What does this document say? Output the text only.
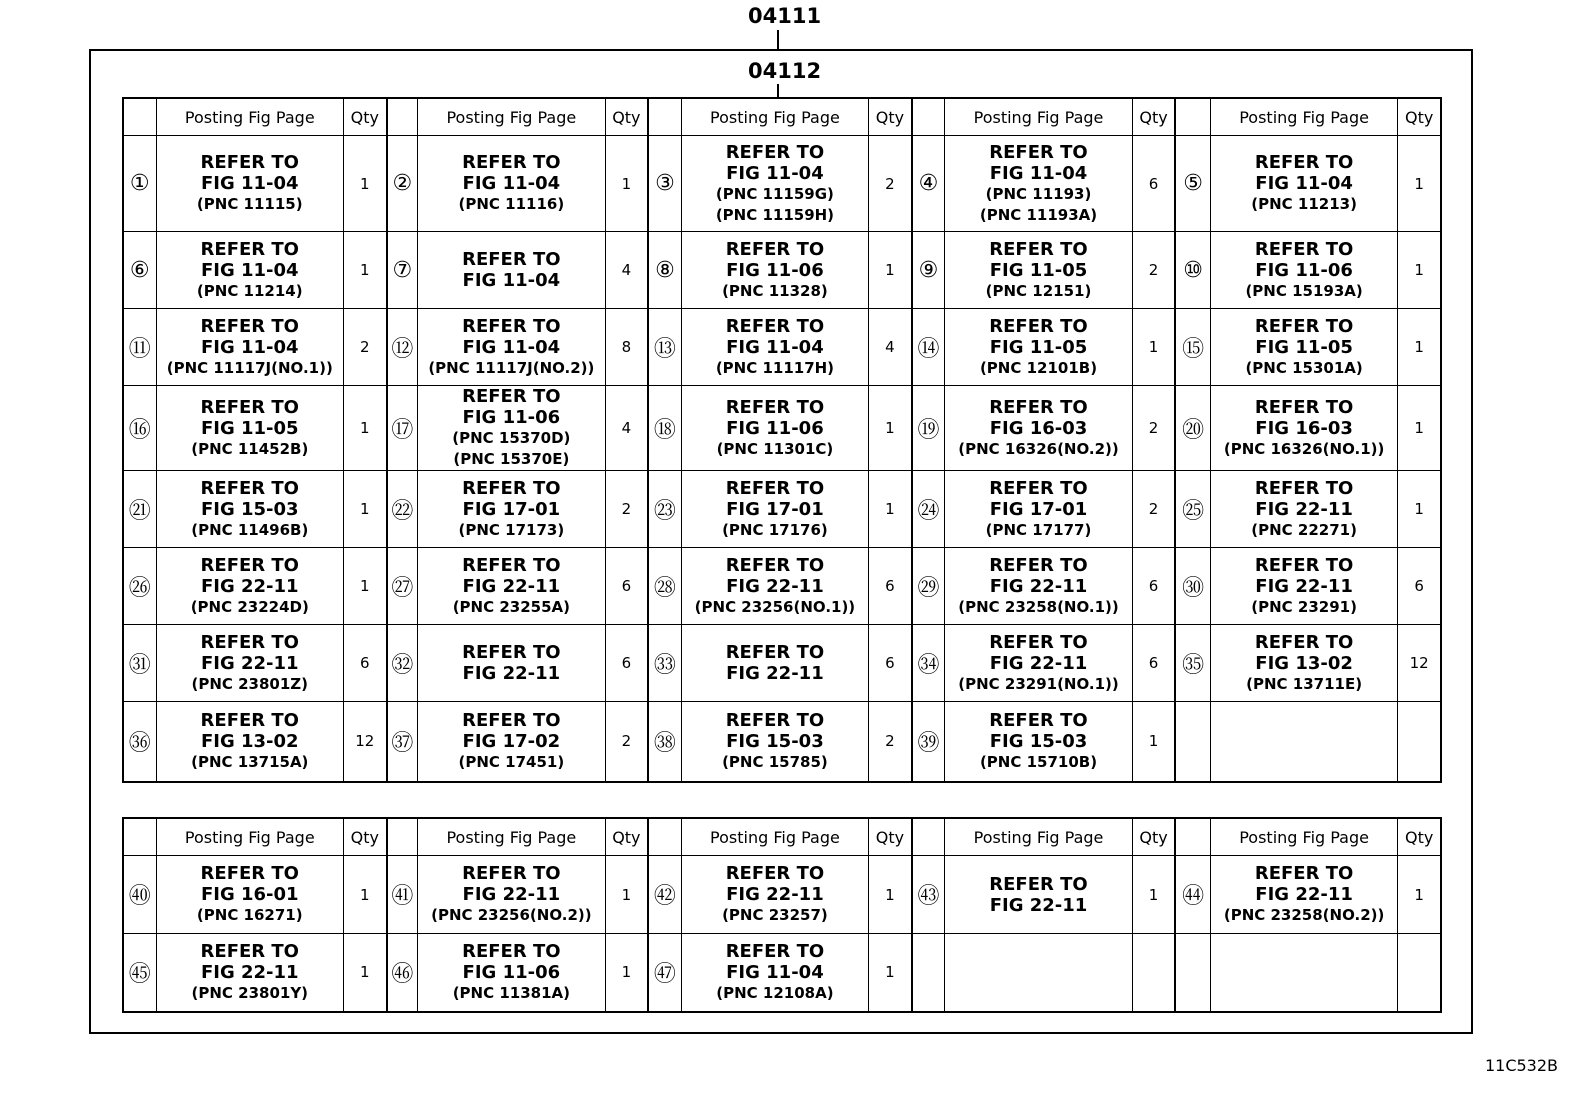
04111
04112
	Posting Fig Page	Qty		Posting Fig Page	Qty		Posting Fig Page	Qty		Posting Fig Page	Qty		Posting Fig Page	Qty
①	REFER TO
FIG 11-04
(PNC 11115)	1	②	REFER TO
FIG 11-04
(PNC 11116)	1	③	REFER TO
FIG 11-04
(PNC 11159G)
(PNC 11159H)	2	④	REFER TO
FIG 11-04
(PNC 11193)
(PNC 11193A)	6	⑤	REFER TO
FIG 11-04
(PNC 11213)	1
⑥	REFER TO
FIG 11-04
(PNC 11214)	1	⑦	REFER TO
FIG 11-04	4	⑧	REFER TO
FIG 11-06
(PNC 11328)	1	⑨	REFER TO
FIG 11-05
(PNC 12151)	2	⑩	REFER TO
FIG 11-06
(PNC 15193A)	1
⑪	REFER TO
FIG 11-04
(PNC 11117J(NO.1))	2	⑫	REFER TO
FIG 11-04
(PNC 11117J(NO.2))	8	⑬	REFER TO
FIG 11-04
(PNC 11117H)	4	⑭	REFER TO
FIG 11-05
(PNC 12101B)	1	⑮	REFER TO
FIG 11-05
(PNC 15301A)	1
⑯	REFER TO
FIG 11-05
(PNC 11452B)	1	⑰	REFER TO
FIG 11-06
(PNC 15370D)
(PNC 15370E)	4	⑱	REFER TO
FIG 11-06
(PNC 11301C)	1	⑲	REFER TO
FIG 16-03
(PNC 16326(NO.2))	2	⑳	REFER TO
FIG 16-03
(PNC 16326(NO.1))	1
㉑	REFER TO
FIG 15-03
(PNC 11496B)	1	㉒	REFER TO
FIG 17-01
(PNC 17173)	2	㉓	REFER TO
FIG 17-01
(PNC 17176)	1	㉔	REFER TO
FIG 17-01
(PNC 17177)	2	㉕	REFER TO
FIG 22-11
(PNC 22271)	1
㉖	REFER TO
FIG 22-11
(PNC 23224D)	1	㉗	REFER TO
FIG 22-11
(PNC 23255A)	6	㉘	REFER TO
FIG 22-11
(PNC 23256(NO.1))	6	㉙	REFER TO
FIG 22-11
(PNC 23258(NO.1))	6	㉚	REFER TO
FIG 22-11
(PNC 23291)	6
㉛	REFER TO
FIG 22-11
(PNC 23801Z)	6	㉜	REFER TO
FIG 22-11	6	㉝	REFER TO
FIG 22-11	6	㉞	REFER TO
FIG 22-11
(PNC 23291(NO.1))	6	㉟	REFER TO
FIG 13-02
(PNC 13711E)	12
㊱	REFER TO
FIG 13-02
(PNC 13715A)	12	㊲	REFER TO
FIG 17-02
(PNC 17451)	2	㊳	REFER TO
FIG 15-03
(PNC 15785)	2	㊴	REFER TO
FIG 15-03
(PNC 15710B)	1		

	Posting Fig Page	Qty		Posting Fig Page	Qty		Posting Fig Page	Qty		Posting Fig Page	Qty		Posting Fig Page	Qty
㊵	REFER TO
FIG 16-01
(PNC 16271)	1	㊶	REFER TO
FIG 22-11
(PNC 23256(NO.2))	1	㊷	REFER TO
FIG 22-11
(PNC 23257)	1	㊸	REFER TO
FIG 22-11	1	㊹	REFER TO
FIG 22-11
(PNC 23258(NO.2))	1
㊺	REFER TO
FIG 22-11
(PNC 23801Y)	1	㊻	REFER TO
FIG 11-06
(PNC 11381A)	1	㊼	REFER TO
FIG 11-04
(PNC 12108A)	1		

11C532B
